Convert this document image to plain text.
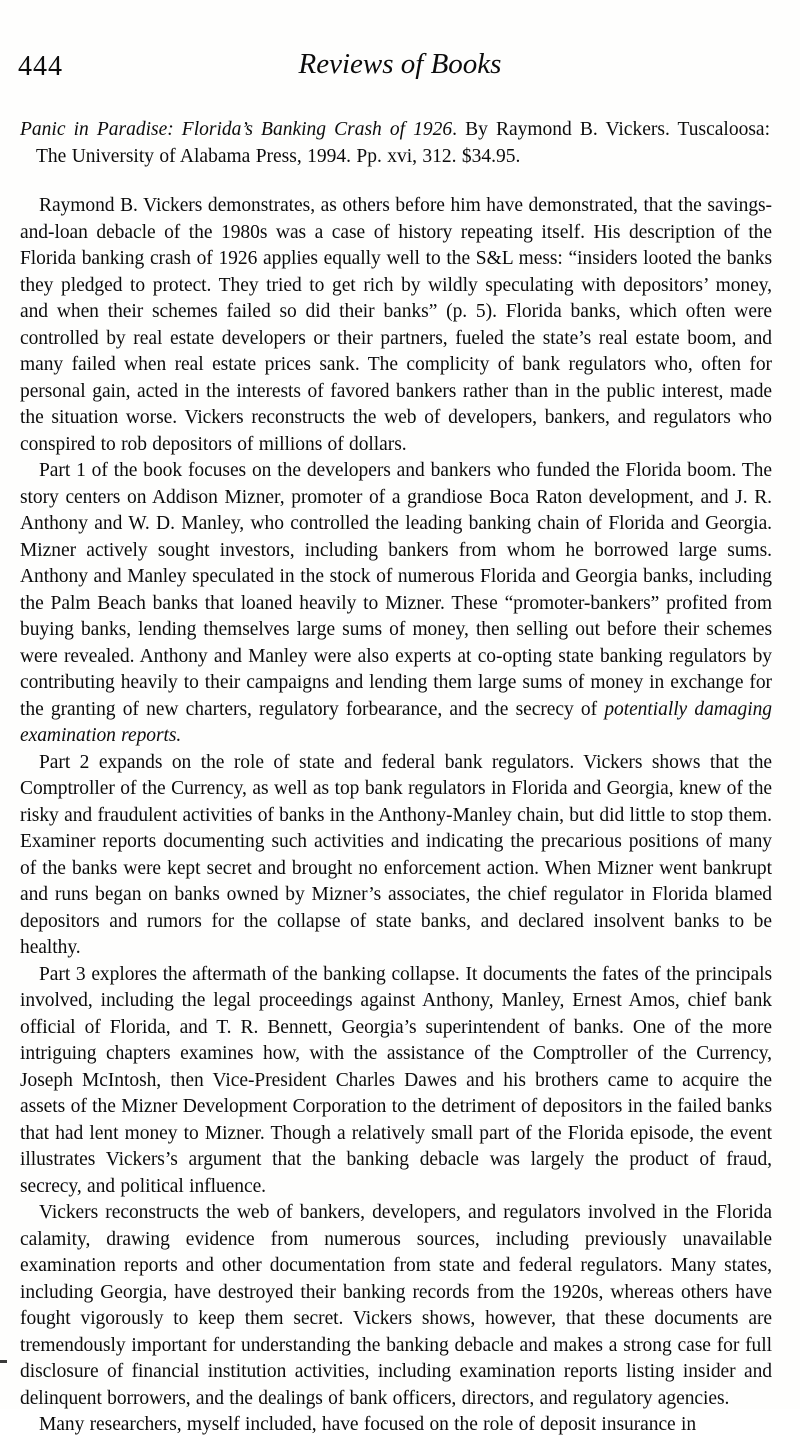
444	Reviews of Books

Panic in Paradise: Florida’s Banking Crash of 1926. By Raymond B. Vickers. Tuscaloosa: The University of Alabama Press, 1994. Pp. xvi, 312. $34.95.

Raymond B. Vickers demonstrates, as others before him have demonstrated, that the savings-and-loan debacle of the 1980s was a case of history repeating itself. His description of the Florida banking crash of 1926 applies equally well to the S&L mess: “insiders looted the banks they pledged to protect. They tried to get rich by wildly speculating with depositors’ money, and when their schemes failed so did their banks” (p. 5). Florida banks, which often were controlled by real estate developers or their partners, fueled the state’s real estate boom, and many failed when real estate prices sank. The complicity of bank regulators who, often for personal gain, acted in the interests of favored bankers rather than in the public interest, made the situation worse. Vickers reconstructs the web of developers, bankers, and regulators who conspired to rob depositors of millions of dollars.

Part 1 of the book focuses on the developers and bankers who funded the Florida boom. The story centers on Addison Mizner, promoter of a grandiose Boca Raton development, and J. R. Anthony and W. D. Manley, who controlled the leading banking chain of Florida and Georgia. Mizner actively sought investors, including bankers from whom he borrowed large sums. Anthony and Manley speculated in the stock of numerous Florida and Georgia banks, including the Palm Beach banks that loaned heavily to Mizner. These “promoter-bankers” profited from buying banks, lending themselves large sums of money, then selling out before their schemes were revealed. Anthony and Manley were also experts at co-opting state banking regulators by contributing heavily to their campaigns and lending them large sums of money in exchange for the granting of new charters, regulatory forbearance, and the secrecy of potentially damaging examination reports.

Part 2 expands on the role of state and federal bank regulators. Vickers shows that the Comptroller of the Currency, as well as top bank regulators in Florida and Georgia, knew of the risky and fraudulent activities of banks in the Anthony-Manley chain, but did little to stop them. Examiner reports documenting such activities and indicating the precarious positions of many of the banks were kept secret and brought no enforcement action. When Mizner went bankrupt and runs began on banks owned by Mizner’s associates, the chief regulator in Florida blamed depositors and rumors for the collapse of state banks, and declared insolvent banks to be healthy.

Part 3 explores the aftermath of the banking collapse. It documents the fates of the principals involved, including the legal proceedings against Anthony, Manley, Ernest Amos, chief bank official of Florida, and T. R. Bennett, Georgia’s superintendent of banks. One of the more intriguing chapters examines how, with the assistance of the Comptroller of the Currency, Joseph McIntosh, then Vice-President Charles Dawes and his brothers came to acquire the assets of the Mizner Development Corporation to the detriment of depositors in the failed banks that had lent money to Mizner. Though a relatively small part of the Florida episode, the event illustrates Vickers’s argument that the banking debacle was largely the product of fraud, secrecy, and political influence.

Vickers reconstructs the web of bankers, developers, and regulators involved in the Florida calamity, drawing evidence from numerous sources, including previously unavailable examination reports and other documentation from state and federal regulators. Many states, including Georgia, have destroyed their banking records from the 1920s, whereas others have fought vigorously to keep them secret. Vickers shows, however, that these documents are tremendously important for understanding the banking debacle and makes a strong case for full disclosure of financial institution activities, including examination reports listing insider and delinquent borrowers, and the dealings of bank officers, directors, and regulatory agencies.

Many researchers, myself included, have focused on the role of deposit insurance in
